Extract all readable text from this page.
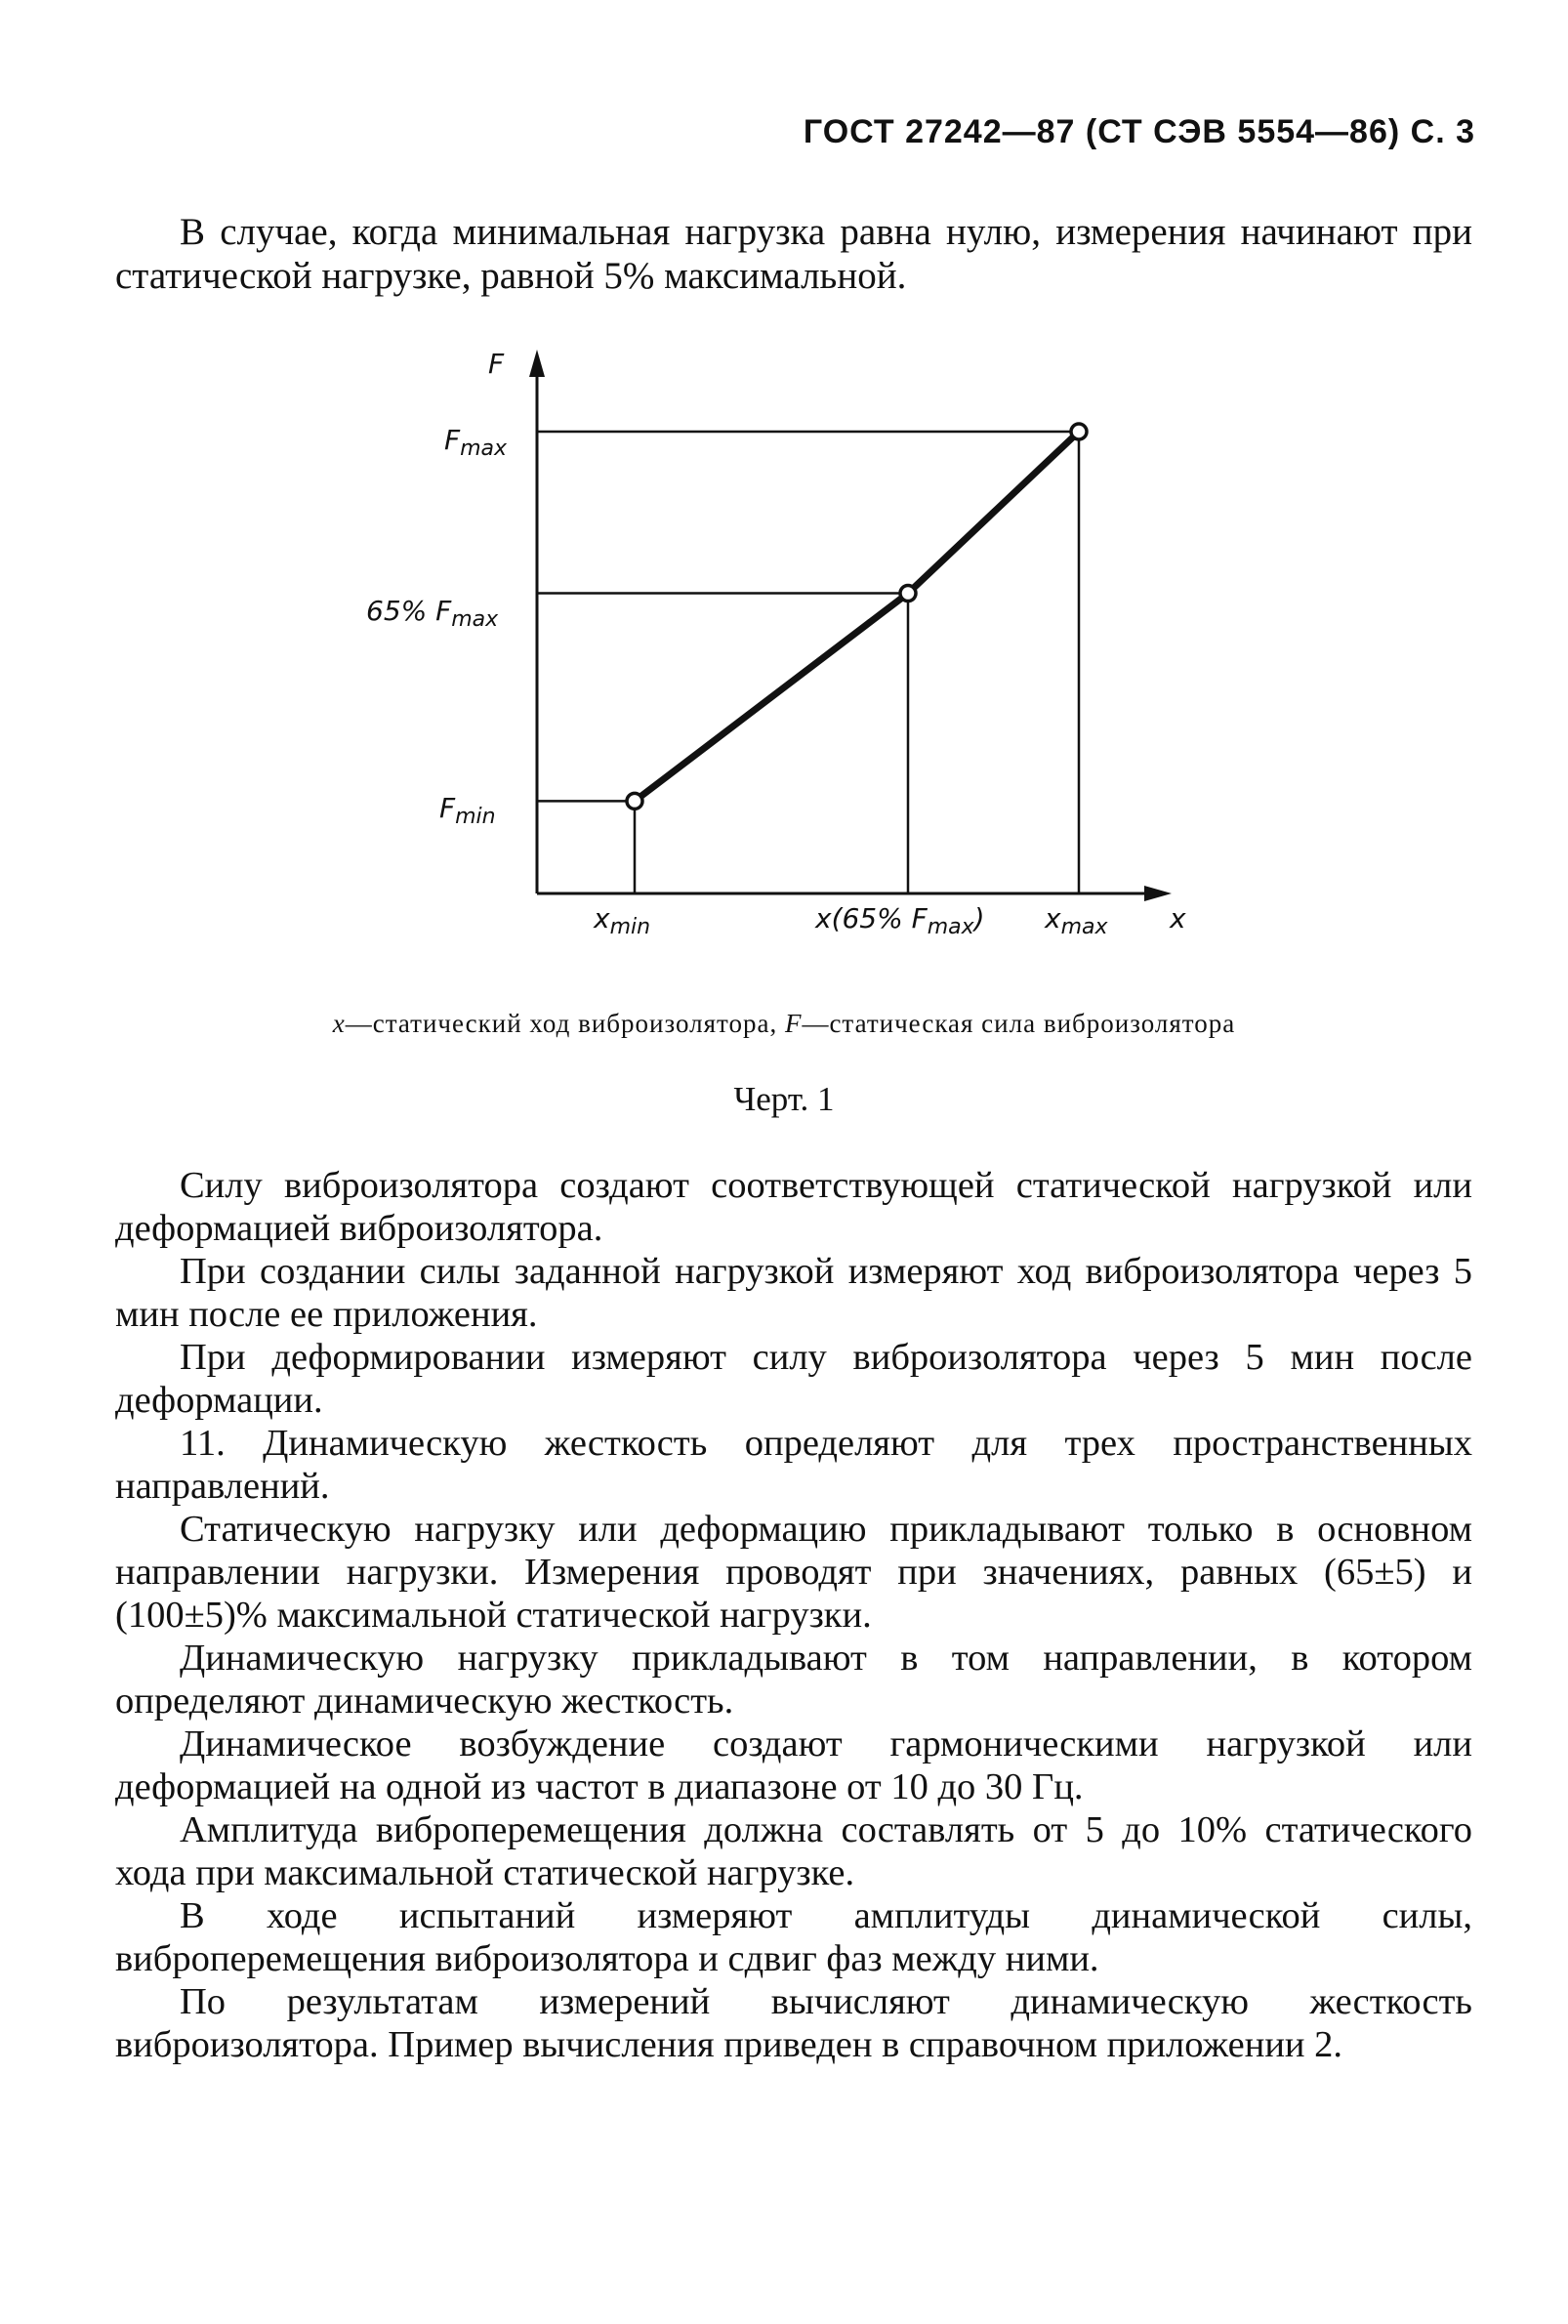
ГОСТ 27242—87 (СТ СЭВ 5554—86) С. 3

В случае, когда минимальная нагрузка равна нулю, измерения начинают при статической нагрузке, равной 5% максимальной.

F
x
$F_{max}$
65% $F_{max}$
$F_{min}$
$x_{min}$	x(65% $F_{max}$) $x_{max}$
x—статический ход виброизолятора, F—статическая сила виброизолятора
Черт. 1

Силу виброизолятора создают соответствующей статической нагрузкой или деформацией виброизолятора.

При создании силы заданной нагрузкой измеряют ход виброизолятора через 5 мин после ее приложения.

При деформировании измеряют силу виброизолятора через 5 мин после деформации.

11. Динамическую жесткость определяют для трех пространственных направлений.

Статическую нагрузку или деформацию прикладывают только в основном направлении нагрузки. Измерения проводят при значениях, равных (65±5) и (100±5)% максимальной статической нагрузки.

Динамическую нагрузку прикладывают в том направлении, в котором определяют динамическую жесткость.

Динамическое возбуждение создают гармоническими нагрузкой или деформацией на одной из частот в диапазоне от 10 до 30 Гц.

Амплитуда виброперемещения должна составлять от 5 до 10% статического хода при максимальной статической нагрузке.

В ходе испытаний измеряют амплитуды динамической силы, виброперемещения виброизолятора и сдвиг фаз между ними.

По результатам измерений вычисляют динамическую жесткость виброизолятора. Пример вычисления приведен в справочном приложении 2.
